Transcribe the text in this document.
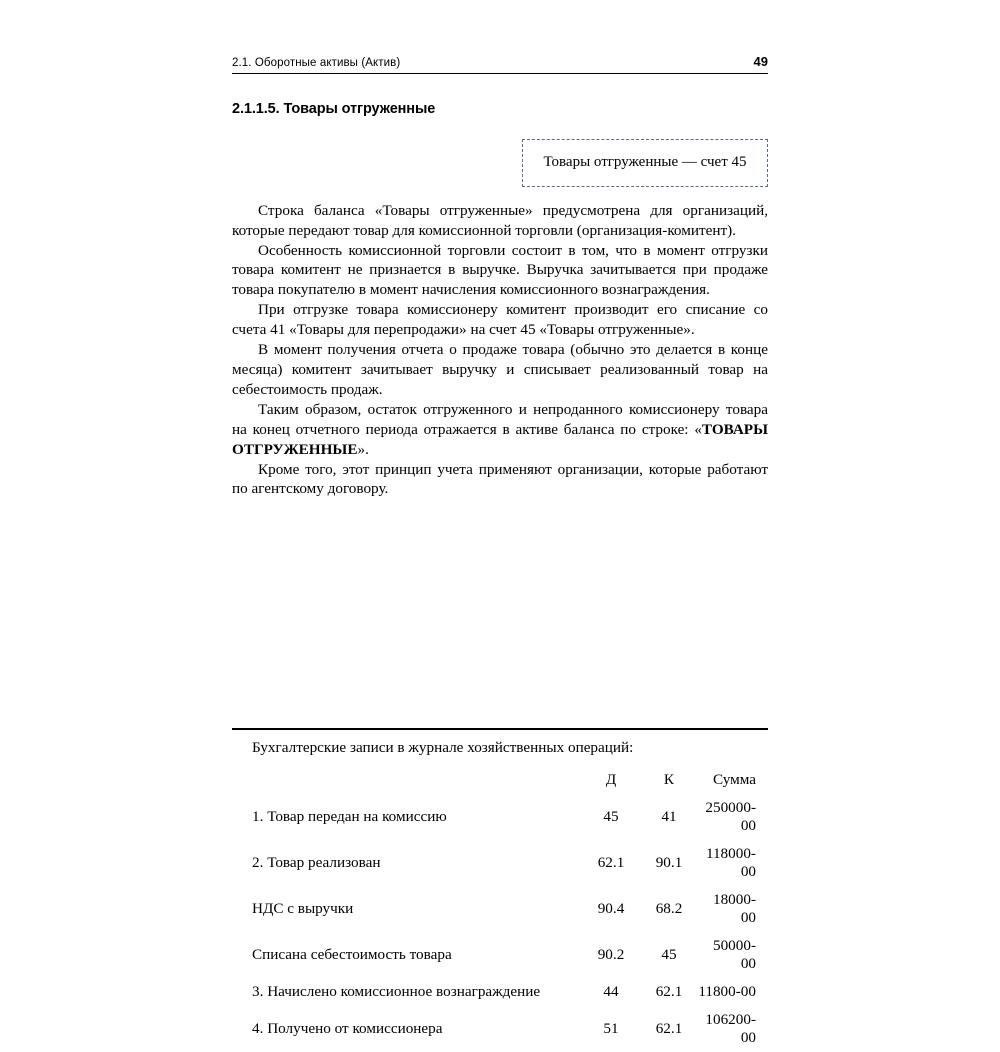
2.1. Оборотные активы (Актив)	49
2.1.1.5. Товары отгруженные
Товары отгруженные — счет 45

Строка баланса «Товары отгруженные» предусмотрена для организаций, которые передают товар для комиссионной торговли (организация-комитент).

Особенность комиссионной торговли состоит в том, что в момент отгрузки товара комитент не признается в выручке. Выручка зачитывается при продаже товара покупателю в момент начисления комиссионного вознаграждения.

При отгрузке товара комиссионеру комитент производит его списание со счета 41 «Товары для перепродажи» на счет 45 «Товары отгруженные».

В момент получения отчета о продаже товара (обычно это делается в конце месяца) комитент зачитывает выручку и списывает реализованный товар на себестоимость продаж.

Таким образом, остаток отгруженного и непроданного комиссионеру товара на конец отчетного периода отражается в активе баланса по строке: «ТОВАРЫ ОТГРУЖЕННЫЕ».

Кроме того, этот принцип учета применяют организации, которые работают по агентскому договору.

Бухгалтерские записи в журнале хозяйственных операций:
	Д	К	Сумма
1. Товар передан на комиссию	45	41	250000-00
2. Товар реализован	62.1	90.1	118000-00
НДС с выручки	90.4	68.2	18000-00
Списана себестоимость товара	90.2	45	50000-00
3. Начислено комиссионное вознаграждение	44	62.1	11800-00
4. Получено от комиссионера	51	62.1	106200-00
